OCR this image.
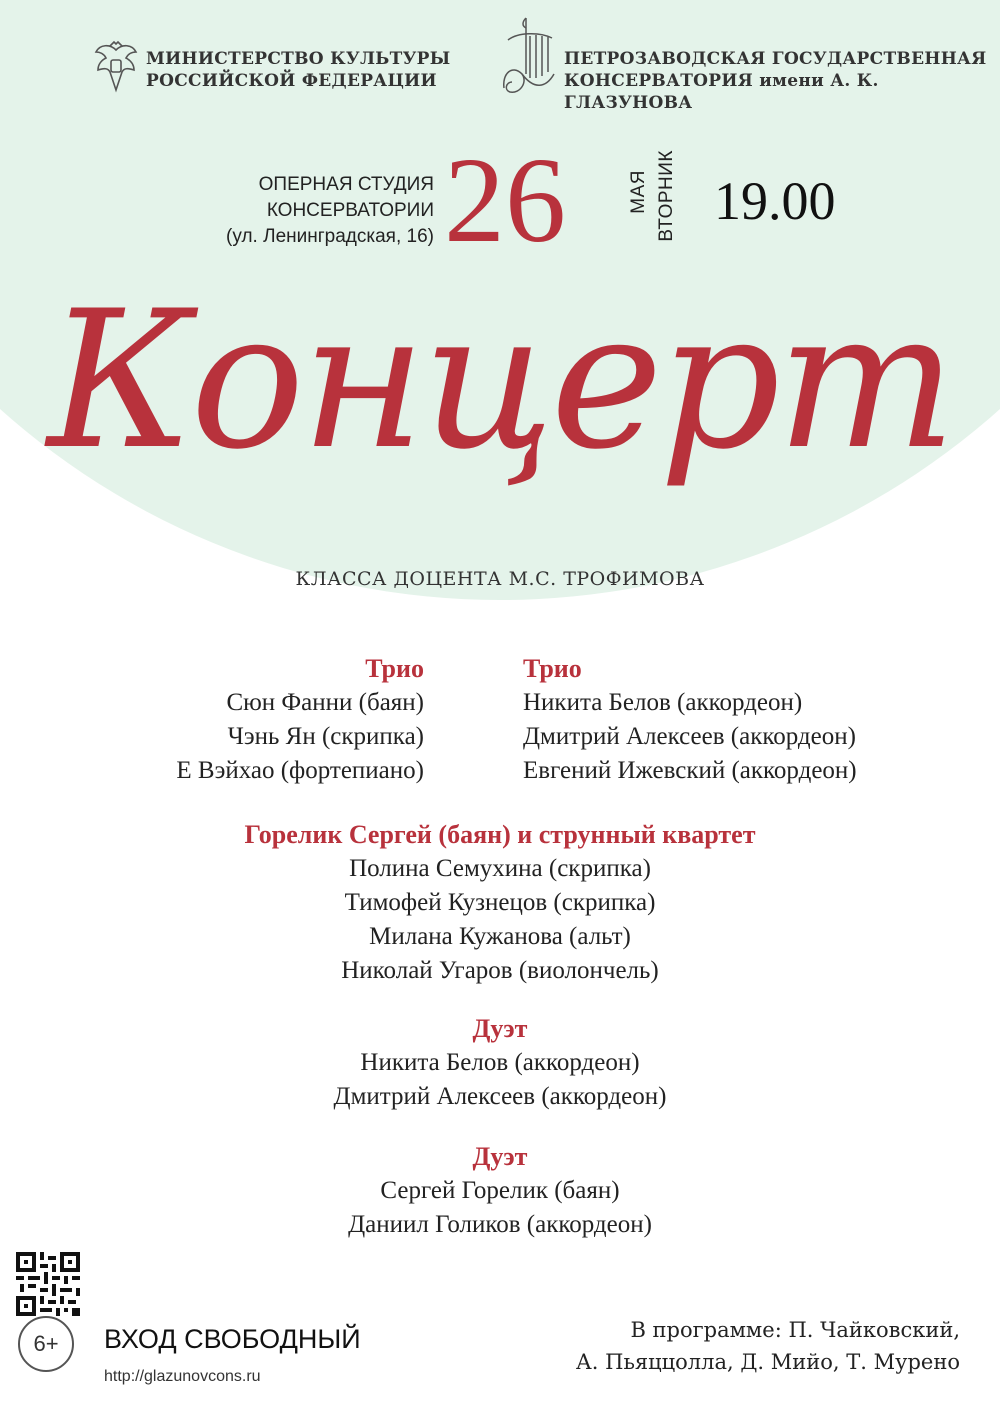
МИНИСТЕРСТВО КУЛЬТУРЫ
РОССИЙСКОЙ ФЕДЕРАЦИИ
ПЕТРОЗАВОДСКАЯ ГОСУДАРСТВЕННАЯ
КОНСЕРВАТОРИЯ имени А. К. ГЛАЗУНОВА
ОПЕРНАЯ СТУДИЯ
КОНСЕРВАТОРИИ
(ул. Ленинградская, 16) 26	МАЯ ВТОРНИК 19.00
Концерт
КЛАССА ДОЦЕНТА М.С. ТРОФИМОВА
Трио
Сюн Фанни (баян)
Чэнь Ян (скрипка)
Е Вэйхао (фортепиано)
Трио
Никита Белов (аккордеон)
Дмитрий Алексеев (аккордеон)
Евгений Ижевский (аккордеон)
Горелик Сергей (баян) и струнный квартет
Полина Семухина (скрипка)
Тимофей Кузнецов (скрипка)
Милана Кужанова (альт)
Николай Угаров (виолончель)
Дуэт
Никита Белов (аккордеон)
Дмитрий Алексеев (аккордеон)
Дуэт
Сергей Горелик (баян)
Даниил Голиков (аккордеон)
6+ ВХОД СВОБОДНЫЙ
http://glazunovcons.ru
В программе: П. Чайковский,
А. Пьяццолла, Д. Мийо, Т. Мурено
